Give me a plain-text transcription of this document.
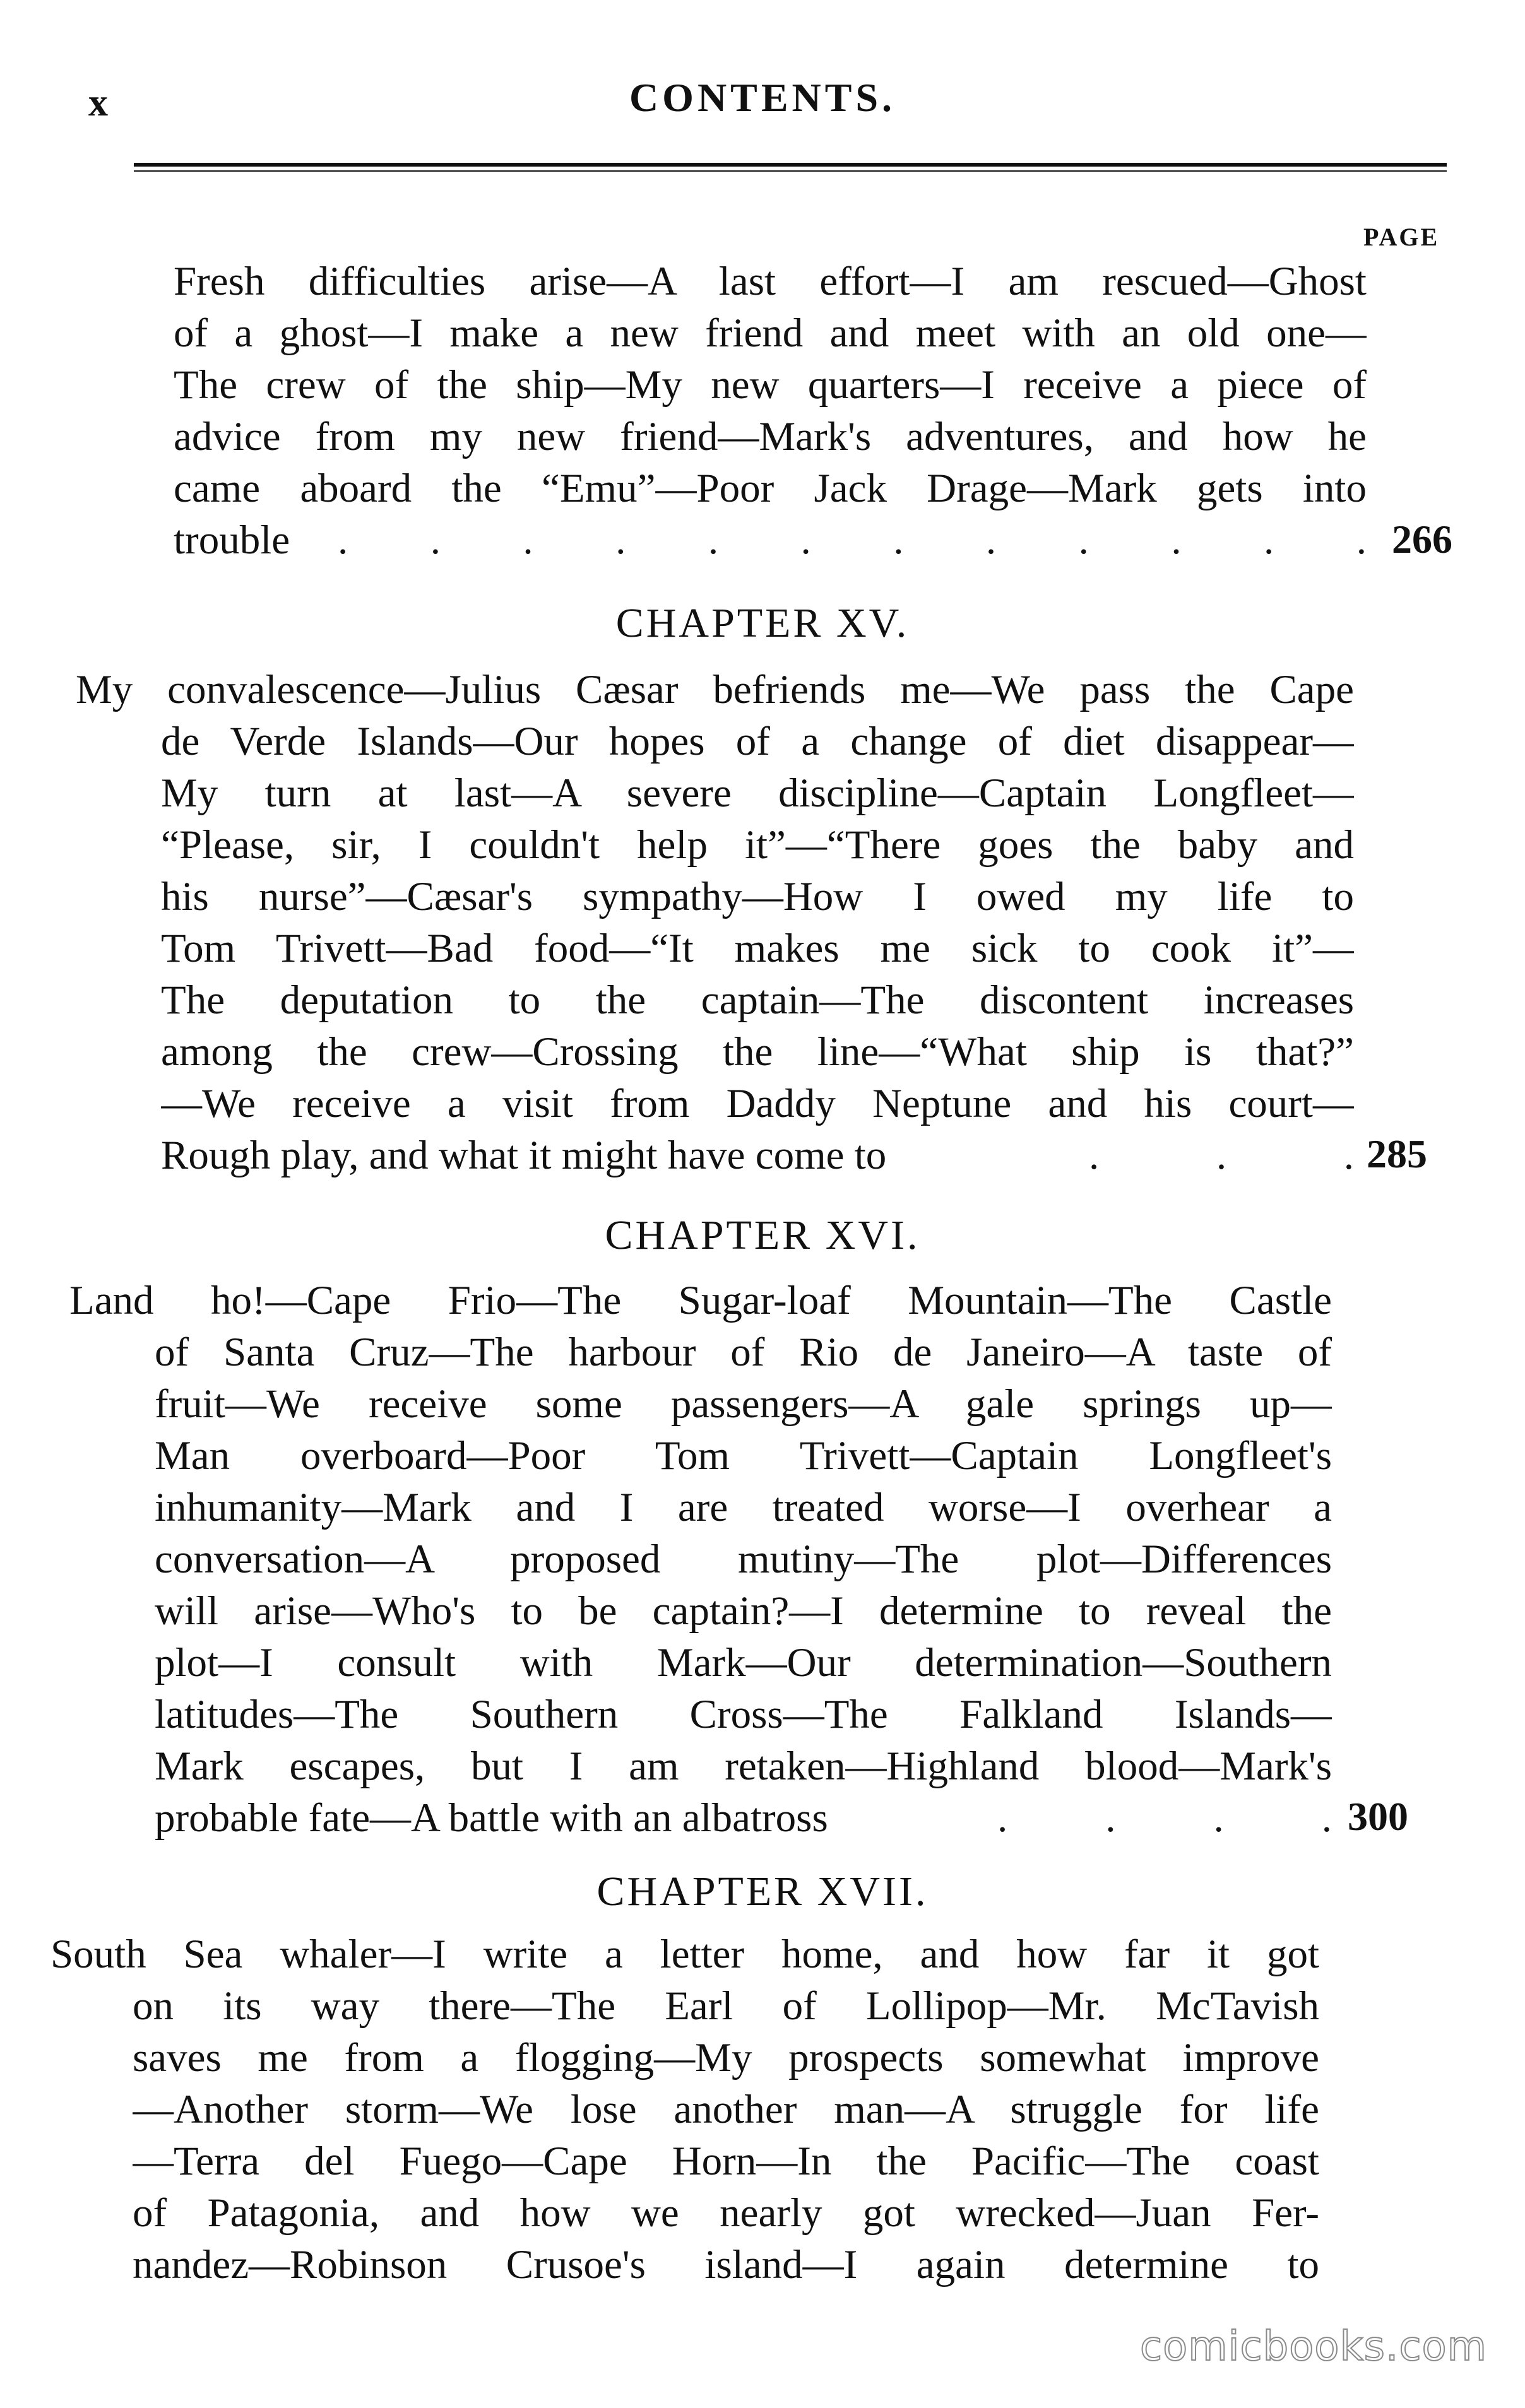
x	CONTENTS.
PAGE
Fresh difficulties arise—A last effort—I am rescued—Ghost
of a ghost—I make a new friend and meet with an old one—
The crew of the ship—My new quarters—I receive a piece of
advice from my new friend—Mark's adventures, and how he
came aboard the “Emu”—Poor Jack Drage—Mark gets into
trouble . . . . . . . . . . . . 266
CHAPTER XV.
My convalescence—Julius Cæsar befriends me—We pass the Cape
de Verde Islands—Our hopes of a change of diet disappear—
My turn at last—A severe discipline—Captain Longfleet—
“Please, sir, I couldn't help it”—“There goes the baby and
his nurse”—Cæsar's sympathy—How I owed my life to
Tom Trivett—Bad food—“It makes me sick to cook it”—
The deputation to the captain—The discontent increases
among the crew—Crossing the line—“What ship is that?”
—We receive a visit from Daddy Neptune and his court—
Rough play, and what it might have come to	. . . 285
CHAPTER XVI.
Land ho!—Cape Frio—The Sugar-loaf Mountain—The Castle
of Santa Cruz—The harbour of Rio de Janeiro—A taste of
fruit—We receive some passengers—A gale springs up—
Man overboard—Poor Tom Trivett—Captain Longfleet's
inhumanity—Mark and I are treated worse—I overhear a
conversation—A proposed mutiny—The plot—Differences
will arise—Who's to be captain?—I determine to reveal the
plot—I consult with Mark—Our determination—Southern
latitudes—The Southern Cross—The Falkland Islands—
Mark escapes, but I am retaken—Highland blood—Mark's
probable fate—A battle with an albatross	. . . . 300
CHAPTER XVII.
South Sea whaler—I write a letter home, and how far it got
on its way there—The Earl of Lollipop—Mr. McTavish
saves me from a flogging—My prospects somewhat improve
—Another storm—We lose another man—A struggle for life
—Terra del Fuego—Cape Horn—In the Pacific—The coast
of Patagonia, and how we nearly got wrecked—Juan Fer-
nandez—Robinson Crusoe's island—I again determine to
comicbooks.com
